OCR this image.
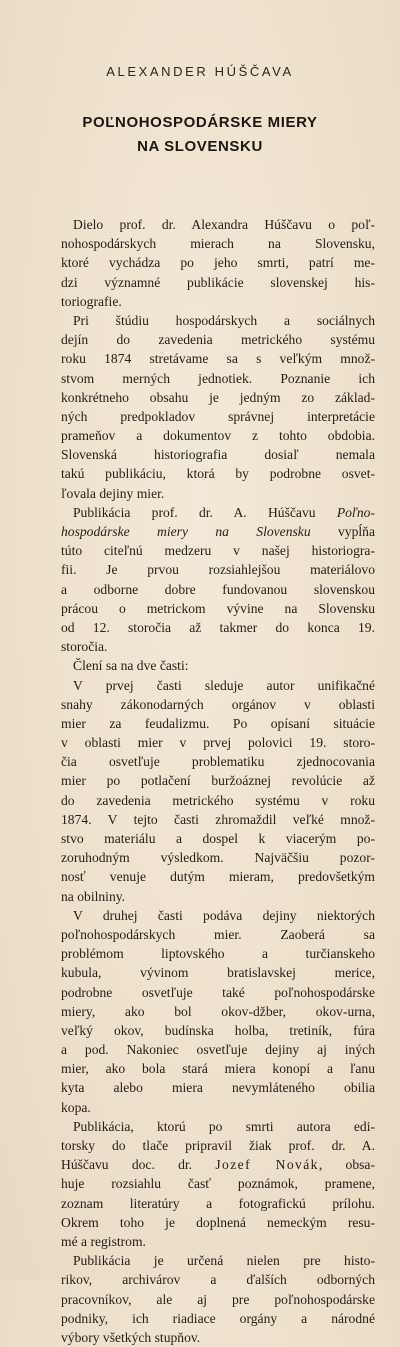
ALEXANDER HÚŠČAVA
POĽNOHOSPODÁRSKE MIERY
NA SLOVENSKU
Dielo prof. dr. Alexandra Húščavu o poľ-
nohospodárskych mierach na Slovensku,
ktoré vychádza po jeho smrti, patrí me-
dzi významné publikácie slovenskej his-
toriografie.
Pri štúdiu hospodárskych a sociálnych
dejín do zavedenia metrického systému
roku 1874 stretávame sa s veľkým množ-
stvom merných jednotiek. Poznanie ich
konkrétneho obsahu je jedným zo základ-
ných predpokladov správnej interpretácie
prameňov a dokumentov z tohto obdobia.
Slovenská historiografia dosiaľ nemala
takú publikáciu, ktorá by podrobne osvet-
ľovala dejiny mier.
Publikácia prof. dr. A. Húščavu Poľno-
hospodárske miery na Slovensku vypĺňa
túto citeľnú medzeru v našej historiogra-
fii. Je prvou rozsiahlejšou materiálovo
a odborne dobre fundovanou slovenskou
prácou o metrickom vývine na Slovensku
od 12. storočia až takmer do konca 19.
storočia.
Člení sa na dve časti:
V prvej časti sleduje autor unifikačné
snahy zákonodarných orgánov v oblasti
mier za feudalizmu. Po opísaní situácie
v oblasti mier v prvej polovici 19. storo-
čia osvetľuje problematiku zjednocovania
mier po potlačení buržoáznej revolúcie až
do zavedenia metrického systému v roku
1874. V tejto časti zhromaždil veľké množ-
stvo materiálu a dospel k viacerým po-
zoruhodným výsledkom. Najväčšiu pozor-
nosť venuje dutým mieram, predovšetkým
na obilniny.
V druhej časti podáva dejiny niektorých
poľnohospodárskych mier. Zaoberá sa
problémom liptovského a turčianskeho
kubula, vývinom bratislavskej merice,
podrobne osvetľuje také poľnohospodárske
miery, ako bol okov-džber, okov-urna,
veľký okov, budínska holba, tretiník, fúra
a pod. Nakoniec osvetľuje dejiny aj iných
mier, ako bola stará miera konopí a ľanu
kyta alebo miera nevymláteného obilia
kopa.
Publikácia, ktorú po smrti autora edi-
torsky do tlače pripravil žiak prof. dr. A.
Húščavu doc. dr. Jozef Novák, obsa-
huje rozsiahlu časť poznámok, pramene,
zoznam literatúry a fotografickú prílohu.
Okrem toho je doplnená nemeckým resu-
mé a registrom.
Publikácia je určená nielen pre histo-
rikov, archivárov a ďalších odborných
pracovníkov, ale aj pre poľnohospodárske
podniky, ich riadiace orgány a národné
výbory všetkých stupňov.
